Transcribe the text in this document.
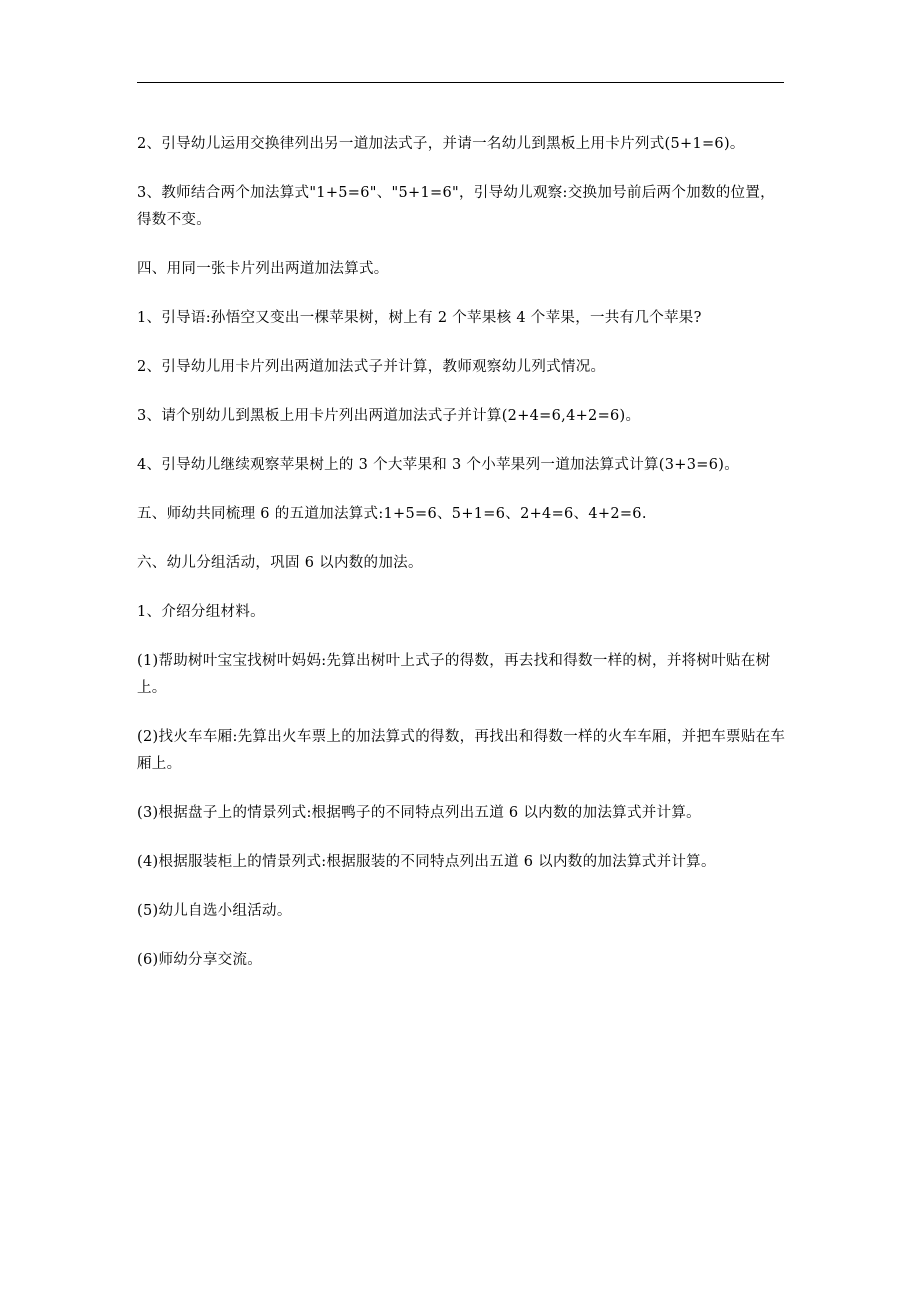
2、引导幼儿运用交换律列出另一道加法式子，并请一名幼儿到黑板上用卡片列式(5+1=6)。

3、教师结合两个加法算式"1+5=6"、"5+1=6"，引导幼儿观察:交换加号前后两个加数的位置，得数不变。

四、用同一张卡片列出两道加法算式。

1、引导语:孙悟空又变出一棵苹果树，树上有 2 个苹果核 4 个苹果，一共有几个苹果?

2、引导幼儿用卡片列出两道加法式子并计算，教师观察幼儿列式情况。

3、请个别幼儿到黑板上用卡片列出两道加法式子并计算(2+4=6,4+2=6)。

4、引导幼儿继续观察苹果树上的 3 个大苹果和 3 个小苹果列一道加法算式计算(3+3=6)。

五、师幼共同梳理 6 的五道加法算式:1+5=6、5+1=6、2+4=6、4+2=6.

六、幼儿分组活动，巩固 6 以内数的加法。

1、介绍分组材料。

(1)帮助树叶宝宝找树叶妈妈:先算出树叶上式子的得数，再去找和得数一样的树，并将树叶贴在树上。

(2)找火车车厢:先算出火车票上的加法算式的得数，再找出和得数一样的火车车厢，并把车票贴在车厢上。

(3)根据盘子上的情景列式:根据鸭子的不同特点列出五道 6 以内数的加法算式并计算。

(4)根据服装柜上的情景列式:根据服装的不同特点列出五道 6 以内数的加法算式并计算。

(5)幼儿自选小组活动。

(6)师幼分享交流。
